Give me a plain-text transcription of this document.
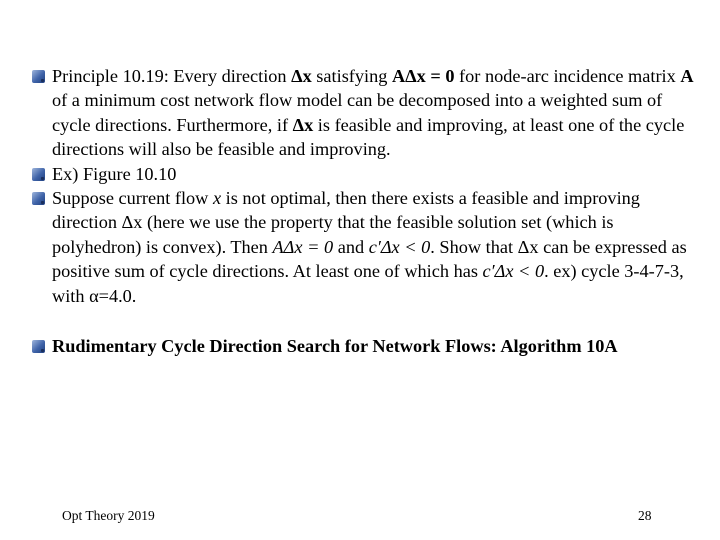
Principle 10.19: Every direction Δx satisfying AΔx = 0 for node-arc incidence matrix A of a minimum cost network flow model can be decomposed into a weighted sum of cycle directions. Furthermore, if Δx is feasible and improving, at least one of the cycle directions will also be feasible and improving.
Ex) Figure 10.10
Suppose current flow x is not optimal, then there exists a feasible and improving direction Δx (here we use the property that the feasible solution set (which is polyhedron) is convex). Then AΔx = 0 and c′Δx < 0. Show that Δx can be expressed as positive sum of cycle directions. At least one of which has c′Δx < 0. ex) cycle 3-4-7-3, with α=4.0.
Rudimentary Cycle Direction Search for Network Flows: Algorithm 10A
Opt Theory 2019	28
